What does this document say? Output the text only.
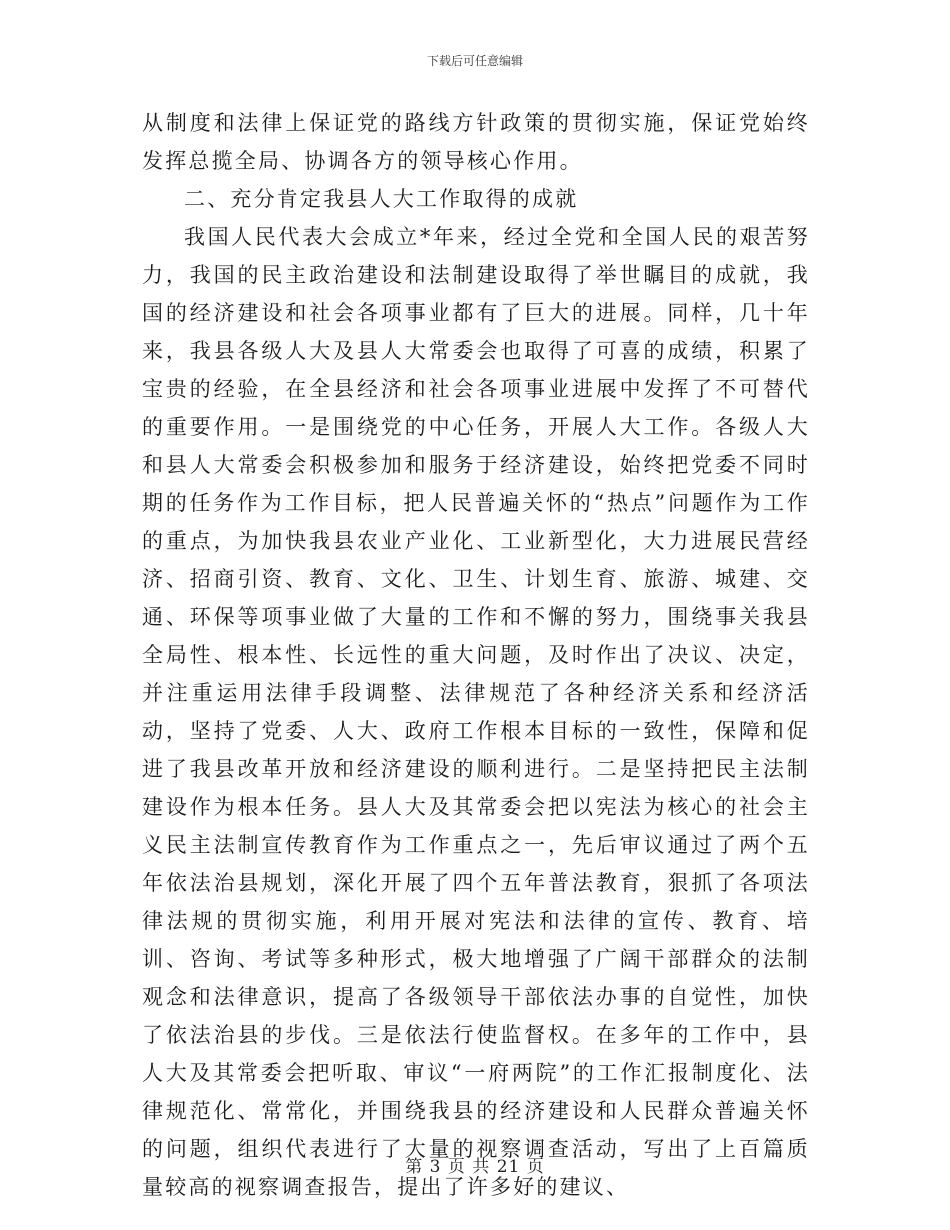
下载后可任意编辑

从制度和法律上保证党的路线方针政策的贯彻实施，保证党始终发挥总揽全局、协调各方的领导核心作用。

二、充分肯定我县人大工作取得的成就

我国人民代表大会成立*年来，经过全党和全国人民的艰苦努力，我国的民主政治建设和法制建设取得了举世瞩目的成就，我国的经济建设和社会各项事业都有了巨大的进展。同样，几十年来，我县各级人大及县人大常委会也取得了可喜的成绩，积累了宝贵的经验，在全县经济和社会各项事业进展中发挥了不可替代的重要作用。一是围绕党的中心任务，开展人大工作。各级人大和县人大常委会积极参加和服务于经济建设，始终把党委不同时期的任务作为工作目标，把人民普遍关怀的“热点”问题作为工作的重点，为加快我县农业产业化、工业新型化，大力进展民营经济、招商引资、教育、文化、卫生、计划生育、旅游、城建、交通、环保等项事业做了大量的工作和不懈的努力，围绕事关我县全局性、根本性、长远性的重大问题，及时作出了决议、决定，并注重运用法律手段调整、法律规范了各种经济关系和经济活动，坚持了党委、人大、政府工作根本目标的一致性，保障和促进了我县改革开放和经济建设的顺利进行。二是坚持把民主法制建设作为根本任务。县人大及其常委会把以宪法为核心的社会主义民主法制宣传教育作为工作重点之一，先后审议通过了两个五年依法治县规划，深化开展了四个五年普法教育，狠抓了各项法律法规的贯彻实施，利用开展对宪法和法律的宣传、教育、培训、咨询、考试等多种形式，极大地增强了广阔干部群众的法制观念和法律意识，提高了各级领导干部依法办事的自觉性，加快了依法治县的步伐。三是依法行使监督权。在多年的工作中，县人大及其常委会把听取、审议“一府两院”的工作汇报制度化、法律规范化、常常化，并围绕我县的经济建设和人民群众普遍关怀的问题，组织代表进行了大量的视察调查活动，写出了上百篇质量较高的视察调查报告，提出了许多好的建议、

第 3 页 共 21 页
